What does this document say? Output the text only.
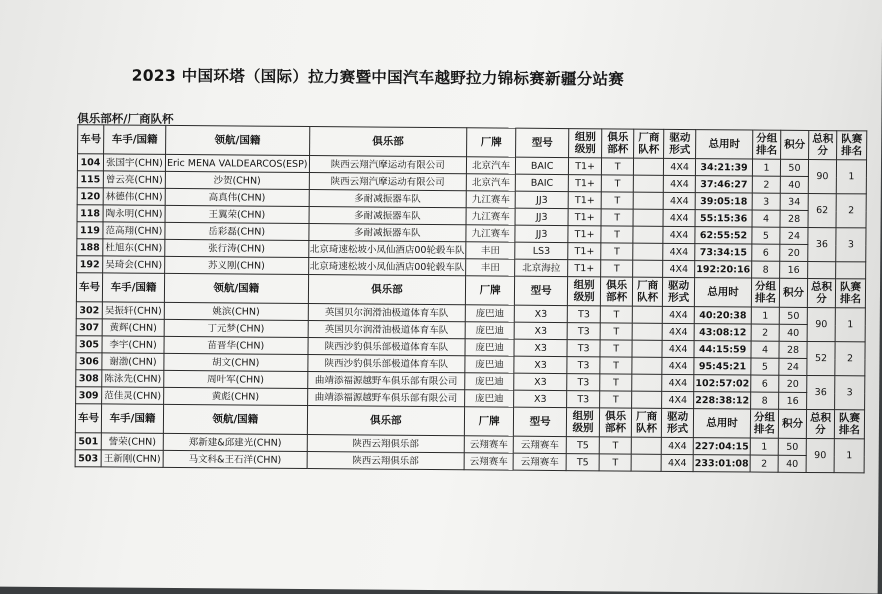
2023 中国环塔（国际）拉力赛暨中国汽车越野拉力锦标赛新疆分站赛
俱乐部杯/厂商队杯
车号	车手/国籍	领航/国籍	俱乐部	厂牌	型号	组别级别	俱乐部杯	厂商队杯	驱动形式	总用时	分组排名	积分	总积分	队赛排名
104	张国宇(CHN)	Eric MENA VALDEARCOS(ESP)	陕西云翔汽摩运动有限公司	北京汽车	BAIC	T1+	T		4X4	34:21:39	1	50	90	1
115	曾云亮(CHN)	沙贺(CHN)	陕西云翔汽摩运动有限公司	北京汽车	BAIC	T1+	T		4X4	37:46:27	2	40		
120	林德伟(CHN)	高真伟(CHN)	多耐减振器车队	九江赛车	JJ3	T1+	T		4X4	39:05:18	3	34	62	2
118	陶永明(CHN)	王翼荣(CHN)	多耐减振器车队	九江赛车	JJ3	T1+	T		4X4	55:15:36	4	28		
119	范高翔(CHN)	岳彩磊(CHN)	多耐减振器车队	九江赛车	JJ3	T1+	T		4X4	62:55:52	5	24	36	3
188	杜旭东(CHN)	张行涛(CHN)	北京琦速松坡小凤仙酒店00轮毂车队	丰田	LS3	T1+	T		4X4	73:34:15	6	20		
192	吴琦会(CHN)	苏义刚(CHN)	北京琦速松坡小凤仙酒店00轮毂车队	丰田	北京海拉	T1+	T		4X4	192:20:16	8	16		
车号	车手/国籍	领航/国籍	俱乐部	厂牌	型号	组别级别	俱乐部杯	厂商队杯	驱动形式	总用时	分组排名	积分	总积分	队赛排名
302	吴振轩(CHN)	姚滨(CHN)	英国贝尔润滑油极道体育车队	庞巴迪	X3	T3	T		4X4	40:20:38	1	50	90	1
307	黄辉(CHN)	丁元梦(CHN)	英国贝尔润滑油极道体育车队	庞巴迪	X3	T3	T		4X4	43:08:12	2	40		
305	李宇(CHN)	苗晋华(CHN)	陕西沙豹俱乐部极道体育车队	庞巴迪	X3	T3	T		4X4	44:15:59	4	28	52	2
306	谢渤(CHN)	胡文(CHN)	陕西沙豹俱乐部极道体育车队	庞巴迪	X3	T3	T		4X4	95:45:21	5	24		
308	陈泳先(CHN)	周叶军(CHN)	曲靖添福源越野车俱乐部有限公司	庞巴迪	X3	T3	T		4X4	102:57:02	6	20	36	3
309	范佳灵(CHN)	黄彪(CHN)	曲靖添福源越野车俱乐部有限公司	庞巴迪	X3	T3	T		4X4	228:38:12	8	16		
车号	车手/国籍	领航/国籍	俱乐部	厂牌	型号	组别级别	俱乐部杯	厂商队杯	驱动形式	总用时	分组排名	积分	总积分	队赛排名
501	訾荣(CHN)	郑新建&邱建光(CHN)	陕西云翔俱乐部	云翔赛车	云翔赛车	T5	T		4X4	227:04:15	1	50	90	1
503	王新刚(CHN)	马文科&王石洋(CHN)	陕西云翔俱乐部	云翔赛车	云翔赛车	T5	T		4X4	233:01:08	2	40		
